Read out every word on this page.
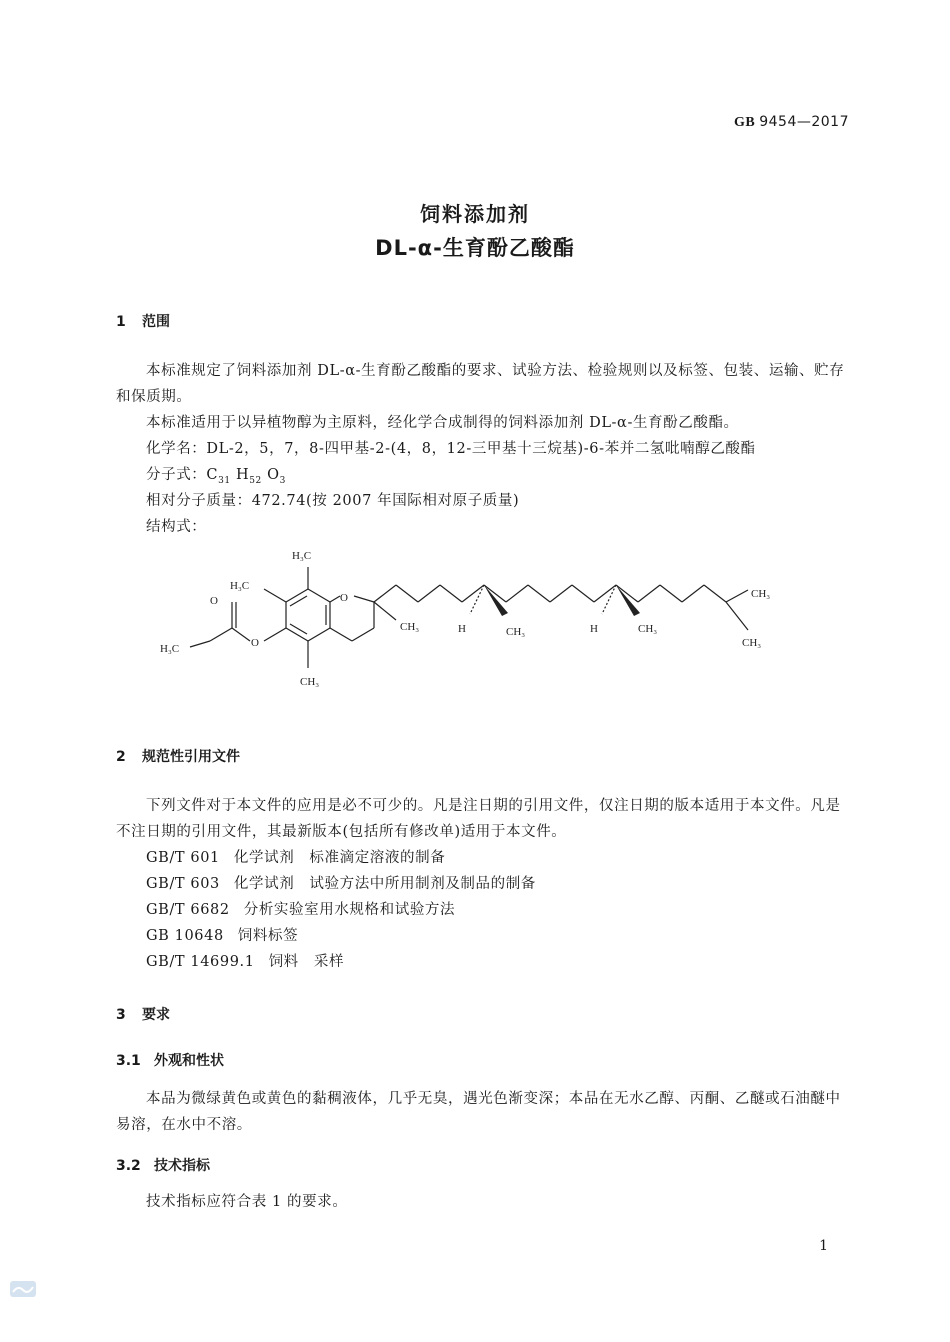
GB 9454—2017
饲料添加剂
DL-α-生育酚乙酸酯
1 范围
本标准规定了饲料添加剂 DL-α-生育酚乙酸酯的要求、试验方法、检验规则以及标签、包装、运输、贮存和保质期。
本标准适用于以异植物醇为主原料，经化学合成制得的饲料添加剂 DL-α-生育酚乙酸酯。
化学名：DL-2，5，7，8-四甲基-2-(4，8，12-三甲基十三烷基)-6-苯并二氢吡喃醇乙酸酯
分子式：$C_{31}$ $H_{52}$ $O_3$
相对分子质量：472.74(按 2007 年国际相对原子质量)
结构式：
H₃C
H₃C
O	O
O
H₃C
CH₃
CH₃	H	CH₃	H	CH₃
CH₃
CH₃
2 规范性引用文件
下列文件对于本文件的应用是必不可少的。凡是注日期的引用文件，仅注日期的版本适用于本文件。凡是不注日期的引用文件，其最新版本(包括所有修改单)适用于本文件。
GB/T 601 化学试剂　标准滴定溶液的制备
GB/T 603 化学试剂　试验方法中所用制剂及制品的制备
GB/T 6682 分析实验室用水规格和试验方法
GB 10648 饲料标签
GB/T 14699.1 饲料　采样
3 要求
3.1 外观和性状
本品为微绿黄色或黄色的黏稠液体，几乎无臭，遇光色渐变深；本品在无水乙醇、丙酮、乙醚或石油醚中易溶，在水中不溶。
3.2 技术指标
技术指标应符合表 1 的要求。
1
